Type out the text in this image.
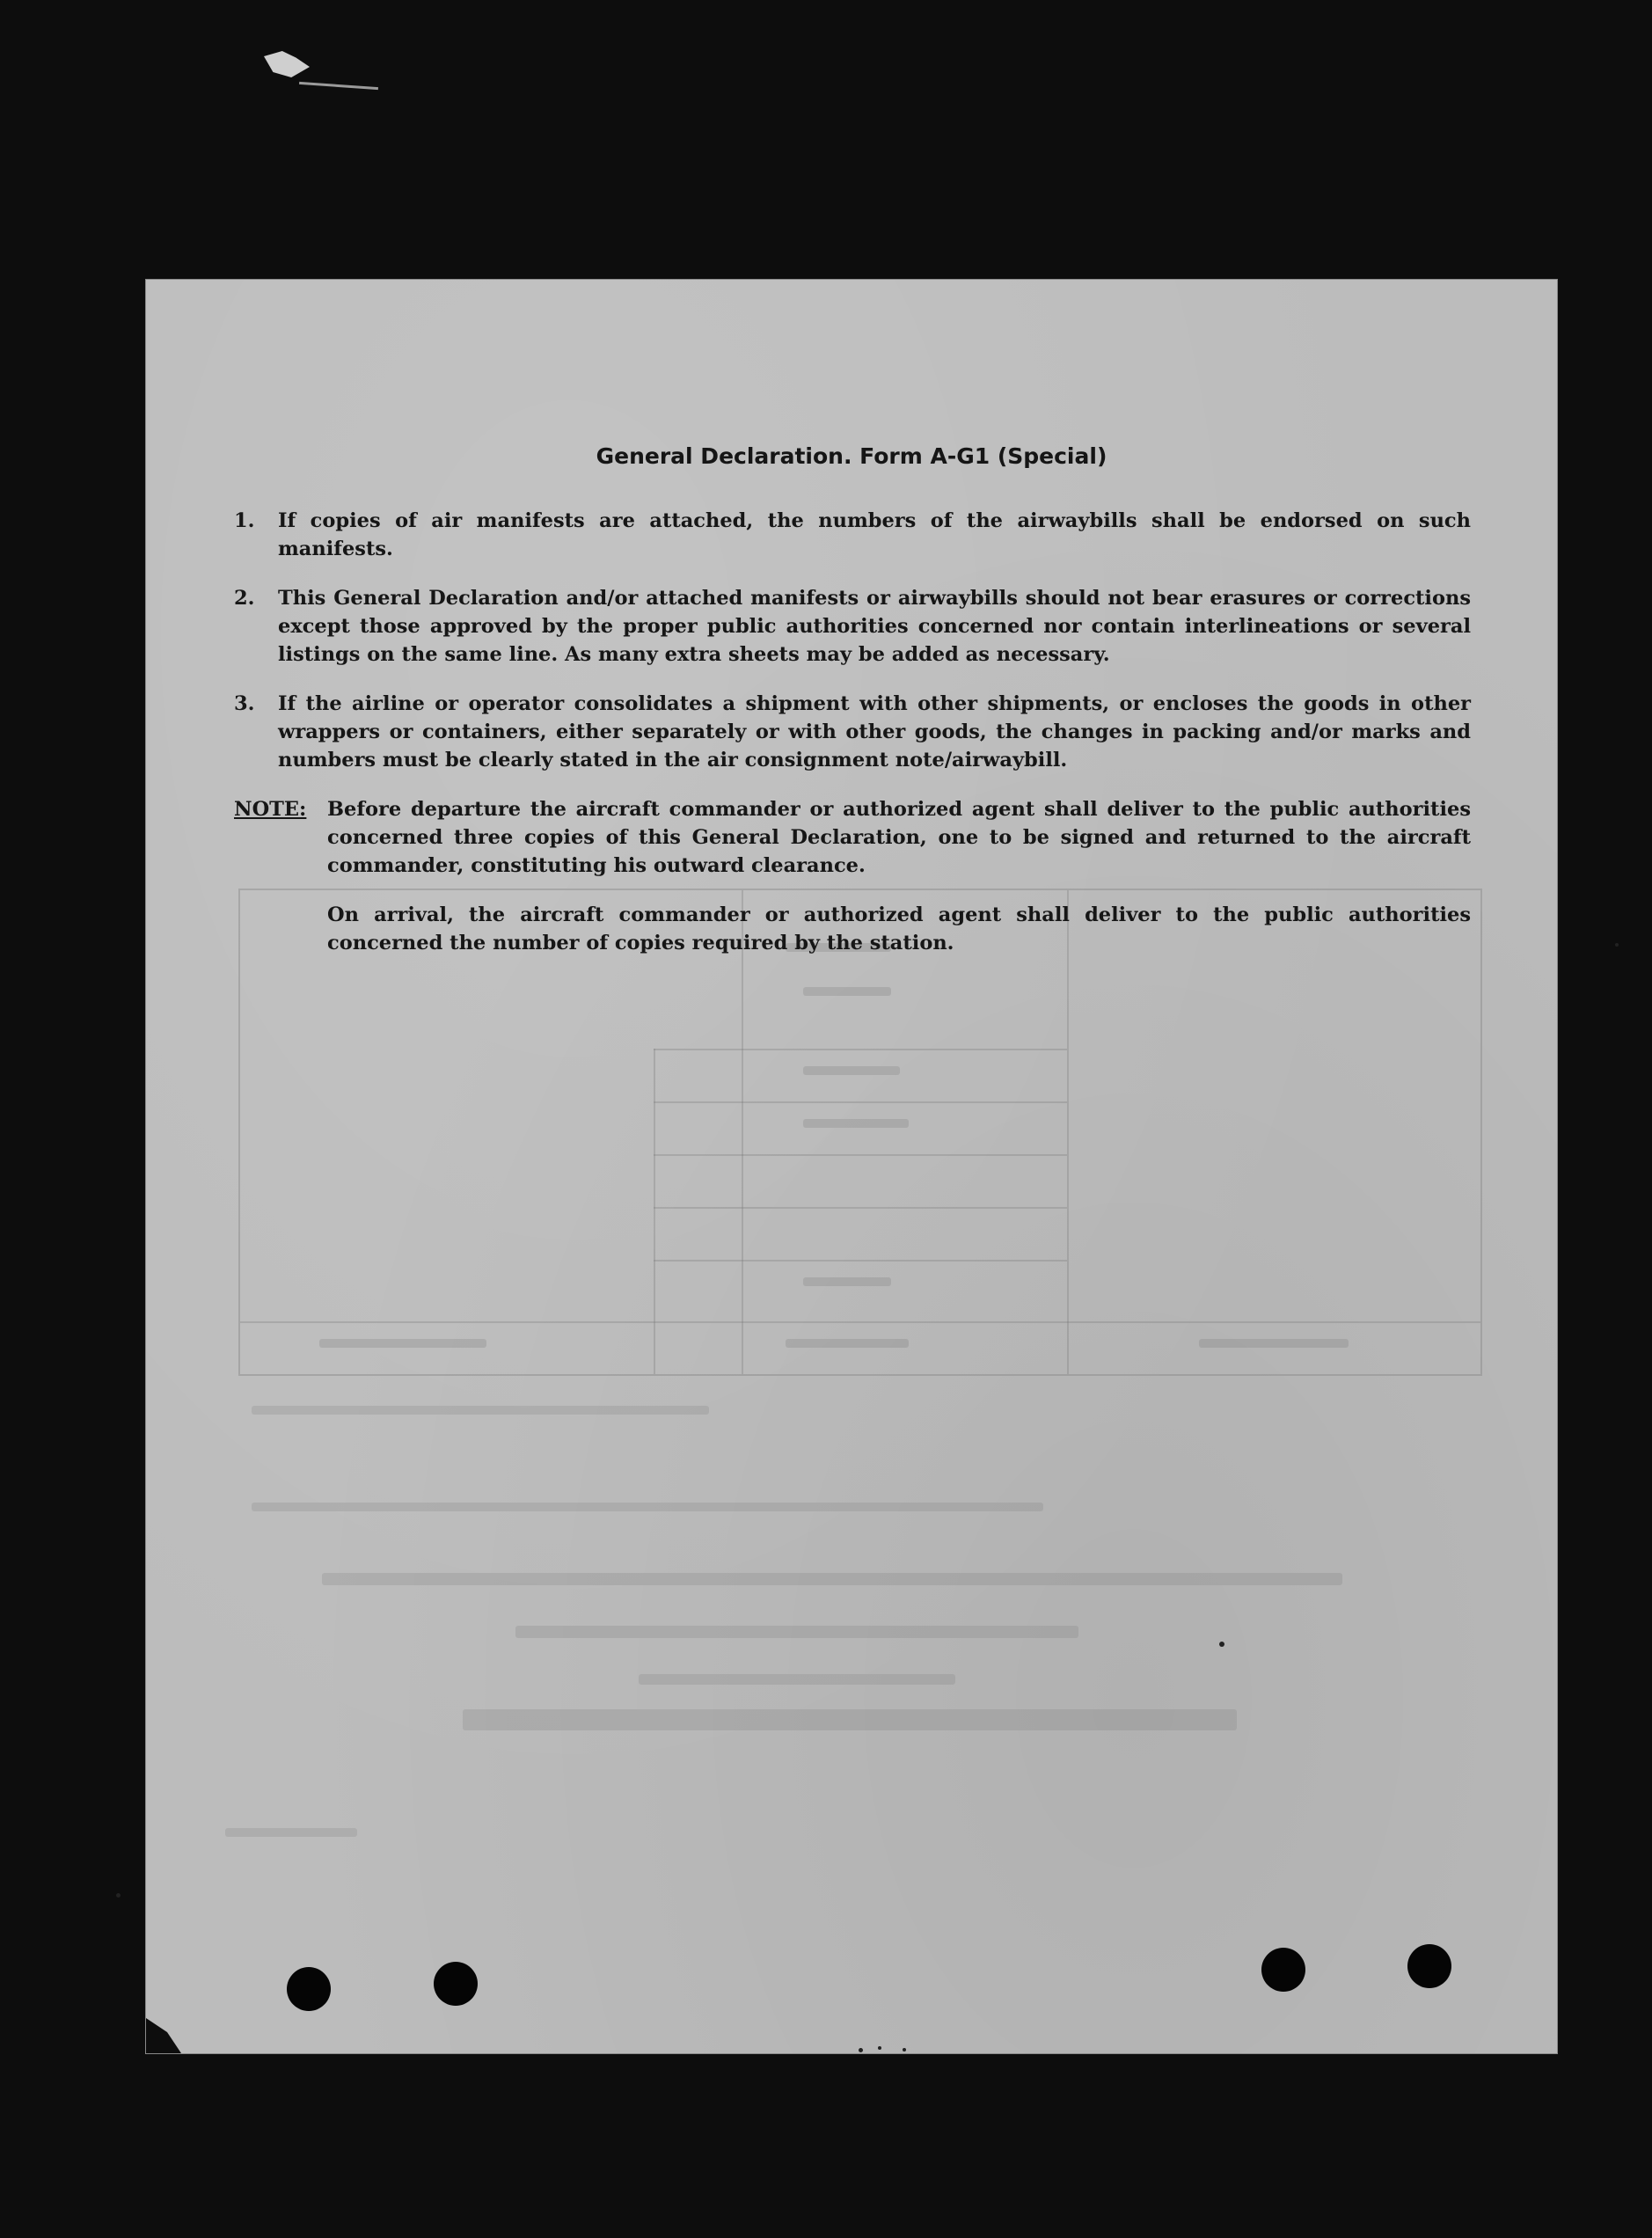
General Declaration. Form A-G1 (Special)
1.	If copies of air manifests are attached, the numbers of the airwaybills shall be endorsed on such manifests.
2.	This General Declaration and/or attached manifests or airwaybills should not bear erasures or corrections except those approved by the proper public authorities concerned nor contain interlineations or several listings on the same line. As many extra sheets may be added as necessary.
3.	If the airline or operator consolidates a shipment with other shipments, or encloses the goods in other wrappers or containers, either separately or with other goods, the changes in packing and/or marks and numbers must be clearly stated in the air consignment note/airwaybill.
NOTE:	Before departure the aircraft commander or authorized agent shall deliver to the public authorities concerned three copies of this General Declaration, one to be signed and returned to the aircraft commander, constituting his outward clearance.

On arrival, the aircraft commander or authorized agent shall deliver to the public authorities concerned the number of copies required by the station.
